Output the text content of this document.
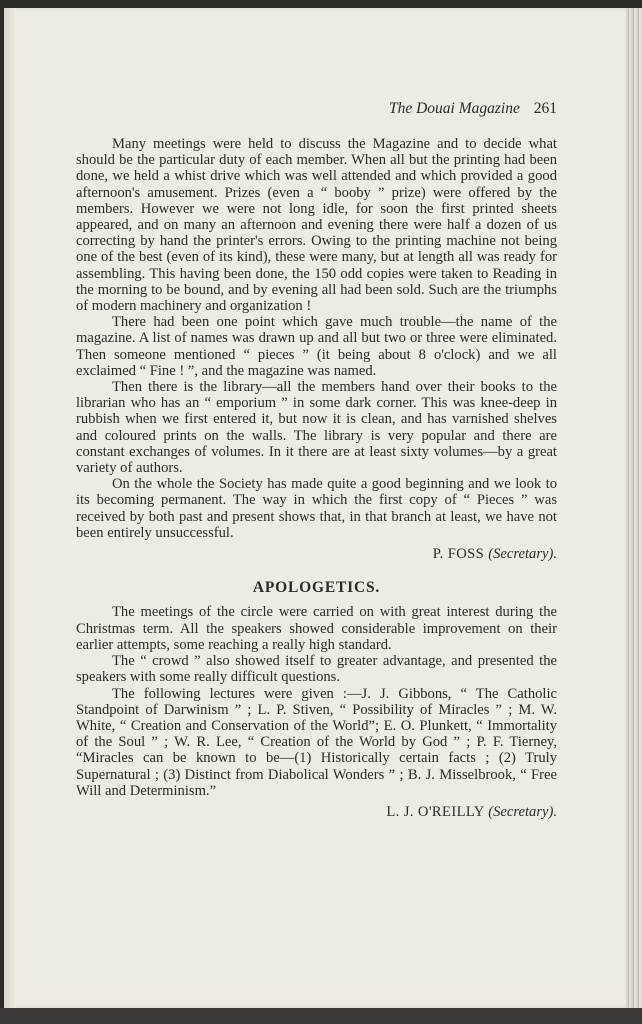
The Douai Magazine 261

Many meetings were held to discuss the Magazine and to decide what should be the particular duty of each member. When all but the printing had been done, we held a whist drive which was well attended and which provided a good afternoon's amusement. Prizes (even a “ booby ” prize) were offered by the members. However we were not long idle, for soon the first printed sheets appeared, and on many an afternoon and evening there were half a dozen of us correcting by hand the printer's errors. Owing to the printing machine not being one of the best (even of its kind), these were many, but at length all was ready for assembling. This having been done, the 150 odd copies were taken to Reading in the morning to be bound, and by evening all had been sold. Such are the triumphs of modern machinery and organization !

There had been one point which gave much trouble—the name of the magazine. A list of names was drawn up and all but two or three were eliminated. Then someone mentioned “ pieces ” (it being about 8 o'clock) and we all exclaimed “ Fine ! ”, and the magazine was named.

Then there is the library—all the members hand over their books to the librarian who has an “ emporium ” in some dark corner. This was knee-deep in rubbish when we first entered it, but now it is clean, and has varnished shelves and coloured prints on the walls. The library is very popular and there are constant exchanges of volumes. In it there are at least sixty volumes—by a great variety of authors.

On the whole the Society has made quite a good beginning and we look to its becoming permanent. The way in which the first copy of “ Pieces ” was received by both past and present shows that, in that branch at least, we have not been entirely unsuccessful.

P. FOSS (Secretary).
APOLOGETICS.

The meetings of the circle were carried on with great interest during the Christmas term. All the speakers showed considerable improvement on their earlier attempts, some reaching a really high standard.

The “ crowd ” also showed itself to greater advantage, and presented the speakers with some really difficult questions.

The following lectures were given :—J. J. Gibbons, “ The Catholic Standpoint of Darwinism ” ; L. P. Stiven, “ Possibility of Miracles ” ; M. W. White, “ Creation and Conservation of the World”; E. O. Plunkett, “ Immortality of the Soul ” ; W. R. Lee, “ Creation of the World by God ” ; P. F. Tierney, “Miracles can be known to be—(1) Historically certain facts ; (2) Truly Supernatural ; (3) Distinct from Diabolical Wonders ” ; B. J. Misselbrook, “ Free Will and Determinism.”

L. J. O'REILLY (Secretary).
